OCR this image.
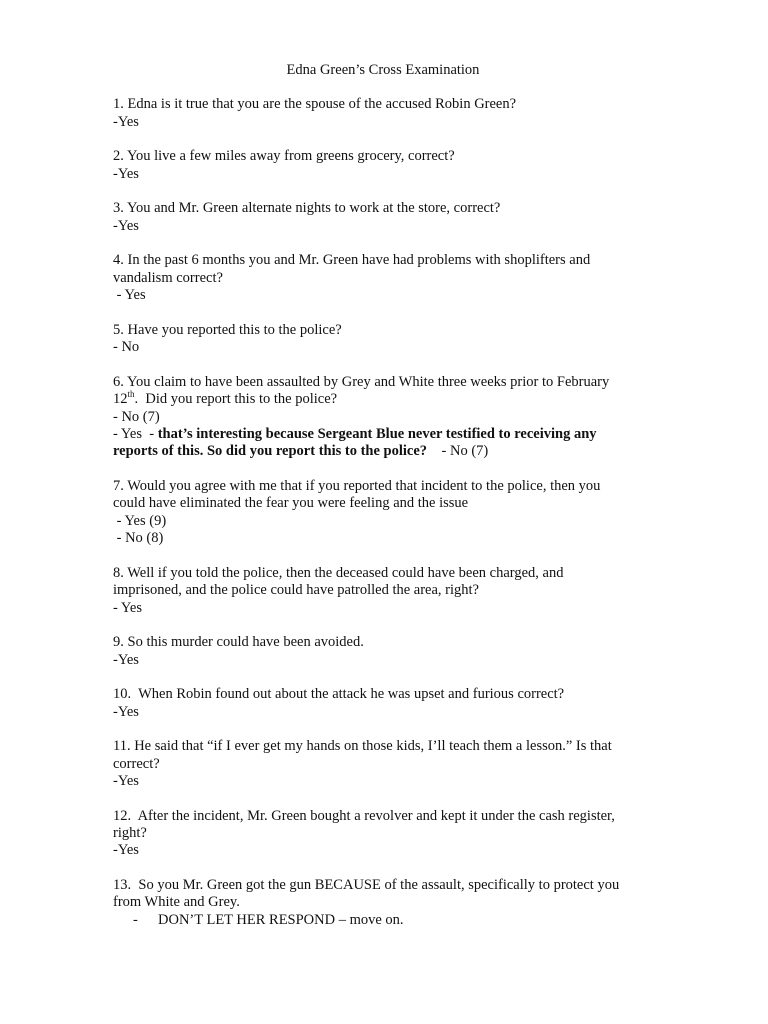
Edna Green’s Cross Examination
1. Edna is it true that you are the spouse of the accused Robin Green?
-Yes
2. You live a few miles away from greens grocery, correct?
-Yes
3. You and Mr. Green alternate nights to work at the store, correct?
-Yes
4. In the past 6 months you and Mr. Green have had problems with shoplifters and
vandalism correct?
- Yes
5. Have you reported this to the police?
- No
6. You claim to have been assaulted by Grey and White three weeks prior to February
12th.  Did you report this to the police?
- No (7)
- Yes  - that’s interesting because Sergeant Blue never testified to receiving any
reports of this. So did you report this to the police?    - No (7)
7. Would you agree with me that if you reported that incident to the police, then you
could have eliminated the fear you were feeling and the issue
- Yes (9)
- No (8)
8. Well if you told the police, then the deceased could have been charged, and
imprisoned, and the police could have patrolled the area, right?
- Yes
9. So this murder could have been avoided.
-Yes
10.  When Robin found out about the attack he was upset and furious correct?
-Yes
11. He said that “if I ever get my hands on those kids, I’ll teach them a lesson.” Is that
correct?
-Yes
12.  After the incident, Mr. Green bought a revolver and kept it under the cash register,
right?
-Yes
13.  So you Mr. Green got the gun BECAUSE of the assault, specifically to protect you
from White and Grey.
- DON’T LET HER RESPOND – move on.
